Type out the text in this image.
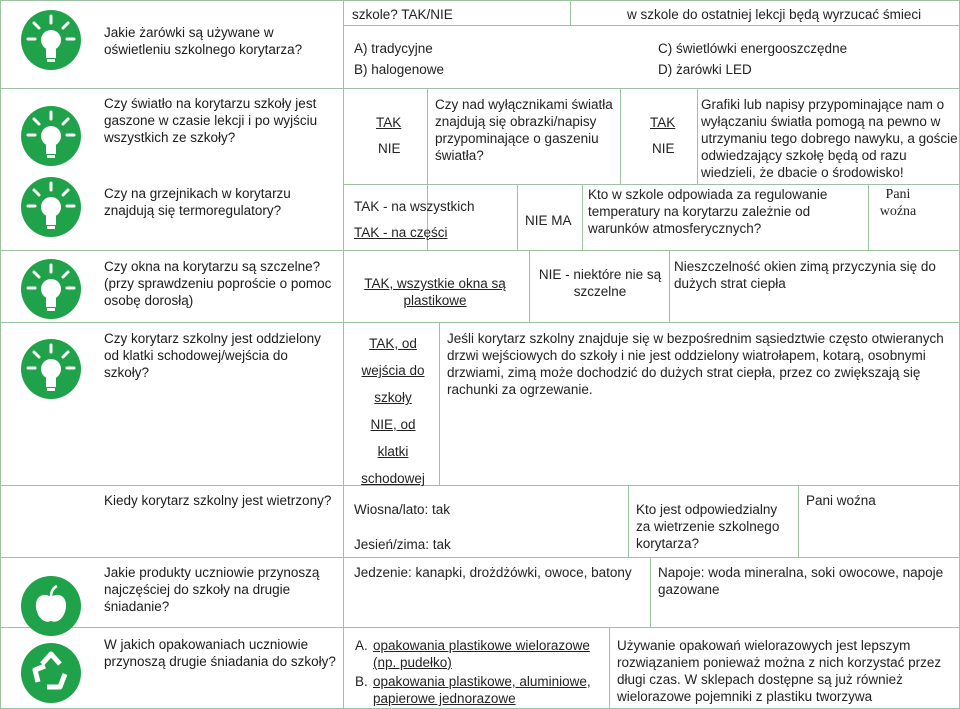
Jakie żarówki są używane w oświetleniu szkolnego korytarza?
szkole? TAK/NIE	w szkole do ostatniej lekcji będą wyrzucać śmieci
A) tradycyjne
B) halogenowe
C) świetlówki energooszczędne
D) żarówki LED
Czy światło na korytarzu szkoły jest gaszone w czasie lekcji i po wyjściu wszystkich ze szkoły?
Czy na grzejnikach w korytarzu znajdują się termoregulatory?
TAK
NIE
Czy nad wyłącznikami światła znajdują się obrazki/napisy przypominające o gaszeniu światła?
TAK
NIE
Grafiki lub napisy przypominające nam o wyłączaniu światła pomogą na pewno w utrzymaniu tego dobrego nawyku, a goście odwiedzający szkołę będą od razu wiedzieli, że dbacie o środowisko!
TAK - na wszystkich
TAK - na części
NIE MA
Kto w szkole odpowiada za regulowanie temperatury na korytarzu zależnie od warunków atmosferycznych?
Pani woźna
Czy okna na korytarzu są szczelne? (przy sprawdzeniu poproście o pomoc osobę dorosłą)
TAK, wszystkie okna są plastikowe
NIE - niektóre nie są szczelne
Nieszczelność okien zimą przyczynia się do dużych strat ciepła
Czy korytarz szkolny jest oddzielony od klatki schodowej/wejścia do szkoły?
TAK, od
wejścia do
szkoły
NIE, od
klatki
schodowej
Jeśli korytarz szkolny znajduje się w bezpośrednim sąsiedztwie często otwieranych drzwi wejściowych do szkoły i nie jest oddzielony wiatrołapem, kotarą, osobnymi drzwiami, zimą może dochodzić do dużych strat ciepła, przez co zwiększają się rachunki za ogrzewanie.
Kiedy korytarz szkolny jest wietrzony?
Wiosna/lato: tak
Jesień/zima: tak
Kto jest odpowiedzialny za wietrzenie szkolnego korytarza?
Pani woźna
Jakie produkty uczniowie przynoszą najczęściej do szkoły na drugie śniadanie?
Jedzenie: kanapki, drożdżówki, owoce, batony Napoje: woda mineralna, soki owocowe, napoje gazowane
W jakich opakowaniach uczniowie przynoszą drugie śniadania do szkoły?
A. opakowania plastikowe wielorazowe (np. pudełko)
B. opakowania plastikowe, aluminiowe, papierowe jednorazowe
Używanie opakowań wielorazowych jest lepszym rozwiązaniem ponieważ można z nich korzystać przez długi czas. W sklepach dostępne są już również wielorazowe pojemniki z plastiku tworzywa
